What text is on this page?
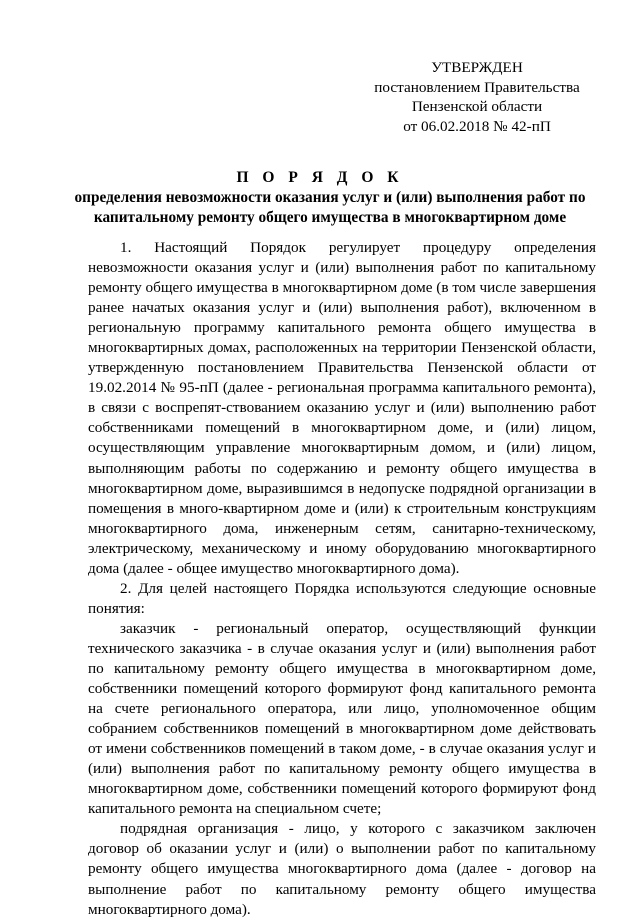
УТВЕРЖДЕН
постановлением Правительства
Пензенской области
от 06.02.2018 № 42-пП
П О Р Я Д О К
определения невозможности оказания услуг и (или) выполнения работ по капитальному ремонту общего имущества в многоквартирном доме

1. Настоящий Порядок регулирует процедуру определения невозможности оказания услуг и (или) выполнения работ по капитальному ремонту общего имущества в многоквартирном доме (в том числе завершения ранее начатых оказания услуг и (или) выполнения работ), включенном в региональную программу капитального ремонта общего имущества в многоквартирных домах, расположенных на территории Пензенской области, утвержденную постановлением Правительства Пензенской области от 19.02.2014 № 95-пП (далее - региональная программа капитального ремонта), в связи с воспрепят-ствованием оказанию услуг и (или) выполнению работ собственниками помещений в многоквартирном доме, и (или) лицом, осуществляющим управление многоквартирным домом, и (или) лицом, выполняющим работы по содержанию и ремонту общего имущества в многоквартирном доме, выразившимся в недопуске подрядной организации в помещения в много-квартирном доме и (или) к строительным конструкциям многоквартирного дома, инженерным сетям, санитарно-техническому, электрическому, механическому и иному оборудованию многоквартирного дома (далее - общее имущество многоквартирного дома).

2. Для целей настоящего Порядка используются следующие основные понятия:

заказчик - региональный оператор, осуществляющий функции технического заказчика - в случае оказания услуг и (или) выполнения работ по капитальному ремонту общего имущества в многоквартирном доме, собственники помещений которого формируют фонд капитального ремонта на счете регионального оператора, или лицо, уполномоченное общим собранием собственников помещений в многоквартирном доме действовать от имени собственников помещений в таком доме, - в случае оказания услуг и (или) выполнения работ по капитальному ремонту общего имущества в многоквартирном доме, собственники помещений которого формируют фонд капитального ремонта на специальном счете;

подрядная организация - лицо, у которого с заказчиком заключен договор об оказании услуг и (или) о выполнении работ по капитальному ремонту общего имущества многоквартирного дома (далее - договор на выполнение работ по капитальному ремонту общего имущества многоквартирного дома).
